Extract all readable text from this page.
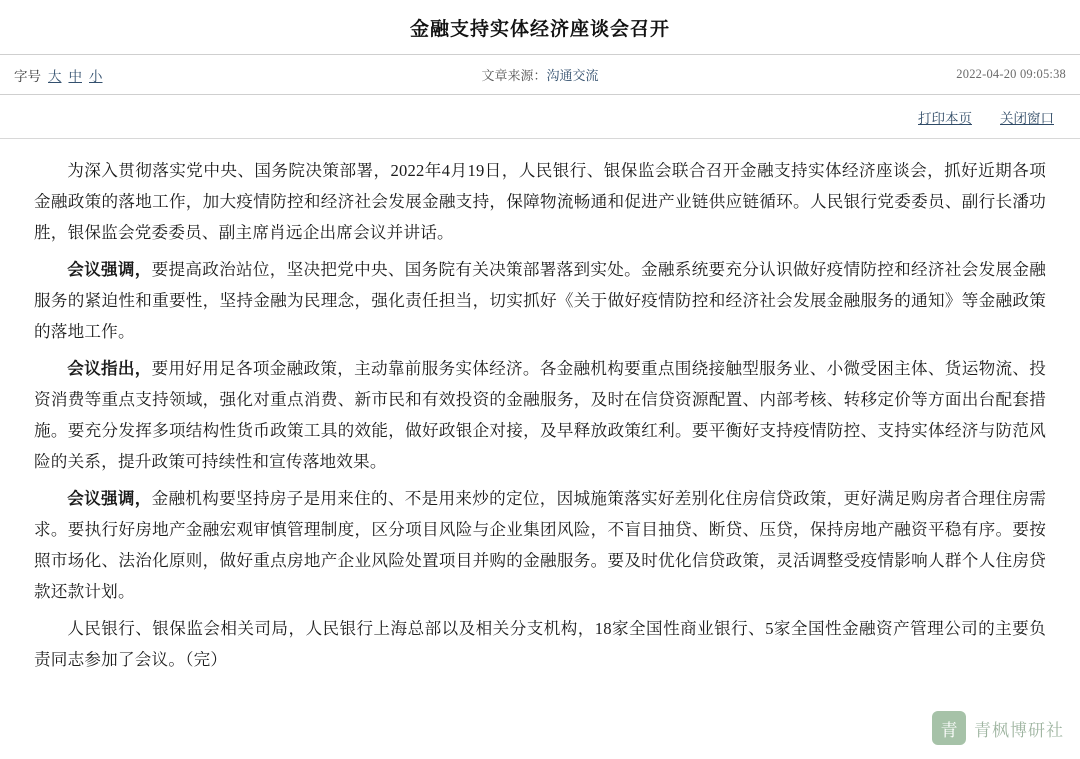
金融支持实体经济座谈会召开
字号 大 中 小	文章来源：沟通交流	2022-04-20 09:05:38
打印本页 关闭窗口

为深入贯彻落实党中央、国务院决策部署，2022年4月19日，人民银行、银保监会联合召开金融支持实体经济座谈会，抓好近期各项金融政策的落地工作，加大疫情防控和经济社会发展金融支持，保障物流畅通和促进产业链供应链循环。人民银行党委委员、副行长潘功胜，银保监会党委委员、副主席肖远企出席会议并讲话。

会议强调，要提高政治站位，坚决把党中央、国务院有关决策部署落到实处。金融系统要充分认识做好疫情防控和经济社会发展金融服务的紧迫性和重要性，坚持金融为民理念，强化责任担当，切实抓好《关于做好疫情防控和经济社会发展金融服务的通知》等金融政策的落地工作。

会议指出，要用好用足各项金融政策，主动靠前服务实体经济。各金融机构要重点围绕接触型服务业、小微受困主体、货运物流、投资消费等重点支持领域，强化对重点消费、新市民和有效投资的金融服务，及时在信贷资源配置、内部考核、转移定价等方面出台配套措施。要充分发挥多项结构性货币政策工具的效能，做好政银企对接，及早释放政策红利。要平衡好支持疫情防控、支持实体经济与防范风险的关系，提升政策可持续性和宣传落地效果。

会议强调，金融机构要坚持房子是用来住的、不是用来炒的定位，因城施策落实好差别化住房信贷政策，更好满足购房者合理住房需求。要执行好房地产金融宏观审慎管理制度，区分项目风险与企业集团风险，不盲目抽贷、断贷、压贷，保持房地产融资平稳有序。要按照市场化、法治化原则，做好重点房地产企业风险处置项目并购的金融服务。要及时优化信贷政策，灵活调整受疫情影响人群个人住房贷款还款计划。

人民银行、银保监会相关司局，人民银行上海总部以及相关分支机构，18家全国性商业银行、5家全国性金融资产管理公司的主要负责同志参加了会议。（完）

青 青枫博研社
